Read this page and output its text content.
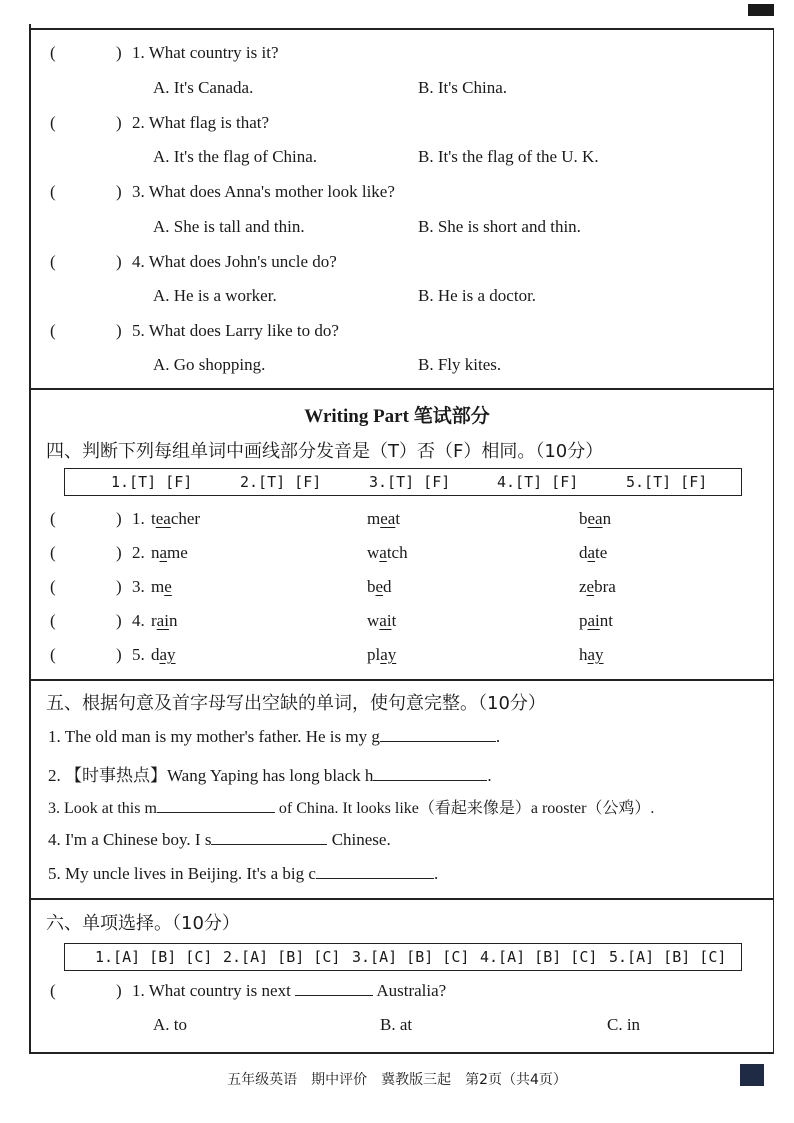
(	) 1. What country is it?
A. It's Canada.	B. It's China.
(	) 2. What flag is that?
A. It's the flag of China.	B. It's the flag of the U. K.
(	) 3. What does Anna's mother look like?
A. She is tall and thin.	B. She is short and thin.
(	) 4. What does John's uncle do?
A. He is a worker.	B. He is a doctor.
(	) 5. What does Larry like to do?
A. Go shopping.	B. Fly kites.
Writing Part 笔试部分
四、判断下列每组单词中画线部分发音是（T）否（F）相同。（10分）
1.[T] [F]	2.[T] [F]	3.[T] [F]	4.[T] [F]	5.[T] [F]
(	) 1. teacher	meat	bean
(	) 2. name	watch	date
(	) 3. me	bed	zebra
(	) 4. rain	wait	paint
(	) 5. day	play	hay
五、根据句意及首字母写出空缺的单词，使句意完整。（10分）
1. The old man is my mother's father. He is my g	.
2. 【时事热点】Wang Yaping has long black h	.
3. Look at this m	of China. It looks like（看起来像是）a rooster（公鸡）.
4. I'm a Chinese boy. I s	Chinese.
5. My uncle lives in Beijing. It's a big c	.
六、单项选择。（10分）
1.[A] [B] [C] 2.[A] [B] [C] 3.[A] [B] [C] 4.[A] [B] [C] 5.[A] [B] [C]
(	) 1. What country is next	Australia?
A. to	B. at	C. in
五年级英语　期中评价　冀教版三起　第2页（共4页）
